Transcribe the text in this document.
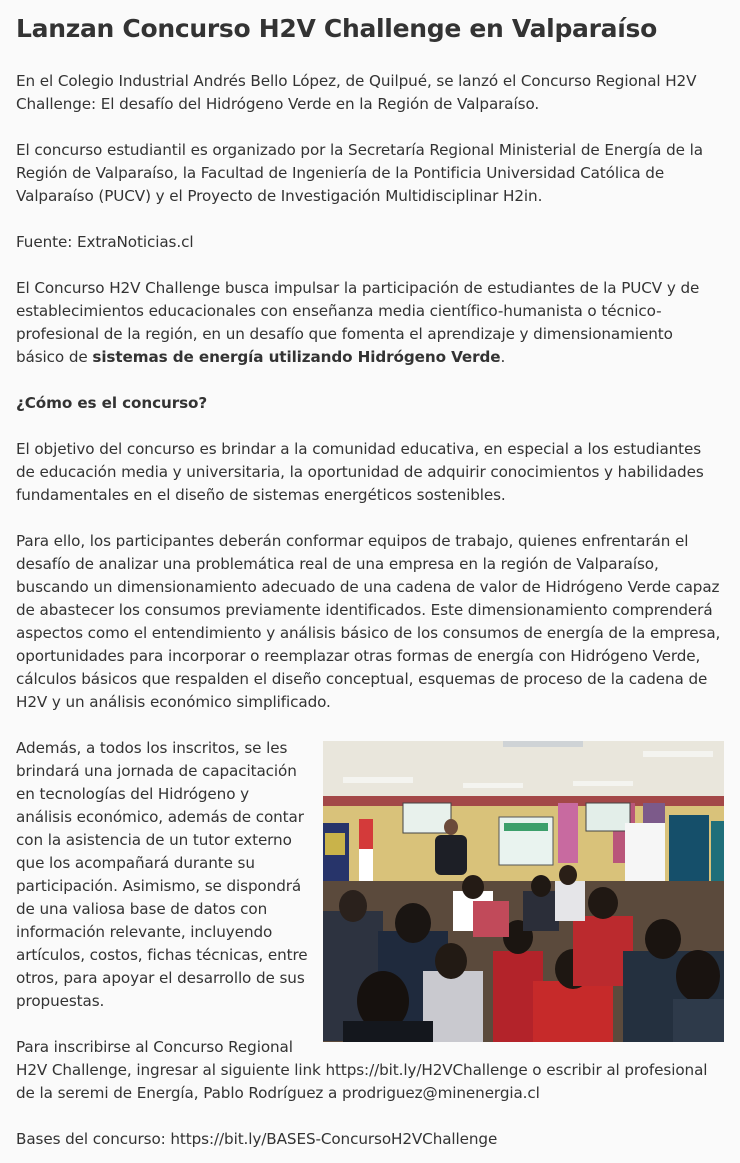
Lanzan Concurso H2V Challenge en Valparaíso

En el Colegio Industrial Andrés Bello López, de Quilpué, se lanzó el Concurso Regional H2V Challenge: El desafío del Hidrógeno Verde en la Región de Valparaíso.

El concurso estudiantil es organizado por la Secretaría Regional Ministerial de Energía de la Región de Valparaíso, la Facultad de Ingeniería de la Pontificia Universidad Católica de Valparaíso (PUCV) y el Proyecto de Investigación Multidisciplinar H2in.

Fuente: ExtraNoticias.cl

El Concurso H2V Challenge busca impulsar la participación de estudiantes de la PUCV y de establecimientos educacionales con enseñanza media científico-humanista o técnico-profesional de la región, en un desafío que fomenta el aprendizaje y dimensionamiento básico de sistemas de energía utilizando Hidrógeno Verde.

¿Cómo es el concurso?

El objetivo del concurso es brindar a la comunidad educativa, en especial a los estudiantes de educación media y universitaria, la oportunidad de adquirir conocimientos y habilidades fundamentales en el diseño de sistemas energéticos sostenibles.

Para ello, los participantes deberán conformar equipos de trabajo, quienes enfrentarán el desafío de analizar una problemática real de una empresa en la región de Valparaíso, buscando un dimensionamiento adecuado de una cadena de valor de Hidrógeno Verde capaz de abastecer los consumos previamente identificados. Este dimensionamiento comprenderá aspectos como el entendimiento y análisis básico de los consumos de energía de la empresa, oportunidades para incorporar o reemplazar otras formas de energía con Hidrógeno Verde, cálculos básicos que respalden el diseño conceptual, esquemas de proceso de la cadena de H2V y un análisis económico simplificado.

Además, a todos los inscritos, se les brindará una jornada de capacitación en tecnologías del Hidrógeno y análisis económico, además de contar con la asistencia de un tutor externo que los acompañará durante su participación. Asimismo, se dispondrá de una valiosa base de datos con información relevante, incluyendo artículos, costos, fichas técnicas, entre otros, para apoyar el desarrollo de sus propuestas.

Para inscribirse al Concurso Regional H2V Challenge, ingresar al siguiente link https://bit.ly/H2VChallenge o escribir al profesional de la seremi de Energía, Pablo Rodríguez a prodriguez@minenergia.cl

Bases del concurso: https://bit.ly/BASES-ConcursoH2VChallenge
